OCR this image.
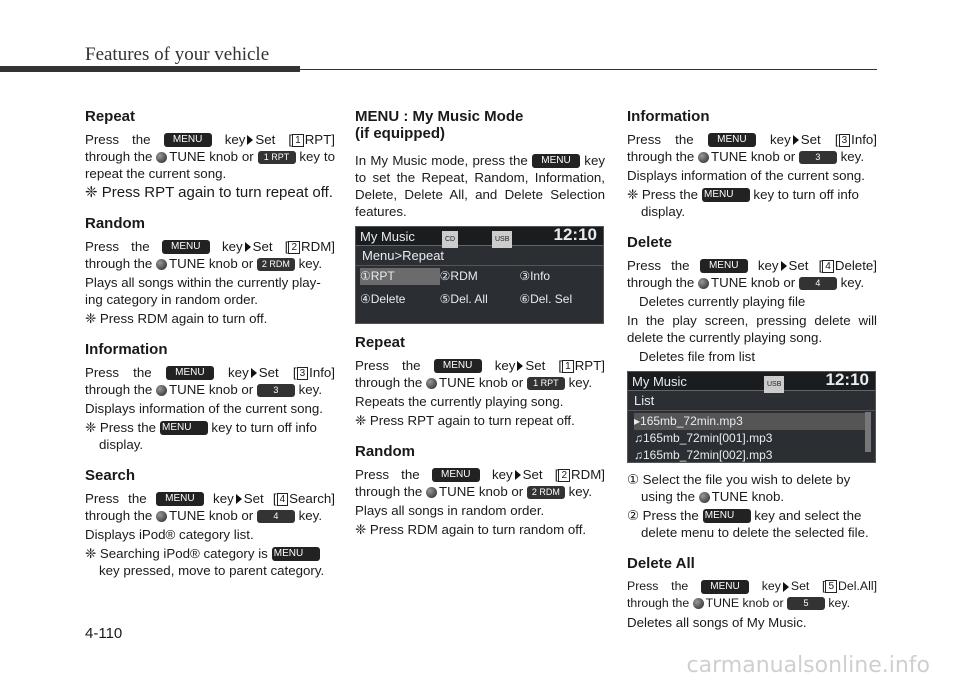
Features of your vehicle
Repeat

Press the MENU key Set [ 1 RPT] through the TUNE knob or 1 RPT key to repeat the current song.

❈ Press RPT again to turn repeat off.

Random

Press the MENU key Set [ 2 RDM] through the TUNE knob or 2 RDM key.

Plays all songs within the currently play-ing category in random order.

❈ Press RDM again to turn off.

Information

Press the MENU key Set [ 3 Info] through the TUNE knob or 3 key.

Displays information of the current song.

❈ Press the MENU key to turn off info display.

Search

Press the MENU key Set [ 4 Search] through the TUNE knob or 4 key.

Displays iPod® category list.

❈ Searching iPod® category is MENU key pressed, move to parent category.

MENU : My Music Mode
(if equipped)

In My Music mode, press the MENU key to set the Repeat, Random, Information, Delete, Delete All, and Delete Selection features.

My Music	CD	USB	12:10
Menu>Repeat
①RPT	②RDM	③Info
④Delete	⑤Del. All	⑥Del. Sel
Repeat

Press the MENU key Set [ 1 RPT] through the TUNE knob or 1 RPT key.

Repeats the currently playing song.

❈ Press RPT again to turn repeat off.

Random

Press the MENU key Set [ 2 RDM] through the TUNE knob or 2 RDM key.

Plays all songs in random order.

❈ Press RDM again to turn random off.

Information

Press the MENU key Set [ 3 Info] through the TUNE knob or 3 key.

Displays information of the current song.

❈ Press the MENU key to turn off info display.

Delete

Press the MENU key Set [ 4 Delete] through the TUNE knob or 4 key.

Deletes currently playing file

In the play screen, pressing delete will delete the currently playing song.

Deletes file from list

My Music	USB	12:10
List
▸165mb_72min.mp3
♫165mb_72min[001].mp3
♫165mb_72min[002].mp3

① Select the file you wish to delete by using the TUNE knob.

② Press the MENU key and select the delete menu to delete the selected file.

Delete All

Press the MENU key Set [ 5 Del.All] through the TUNE knob or 5 key.

Deletes all songs of My Music.

4-110
carmanualsonline.info
